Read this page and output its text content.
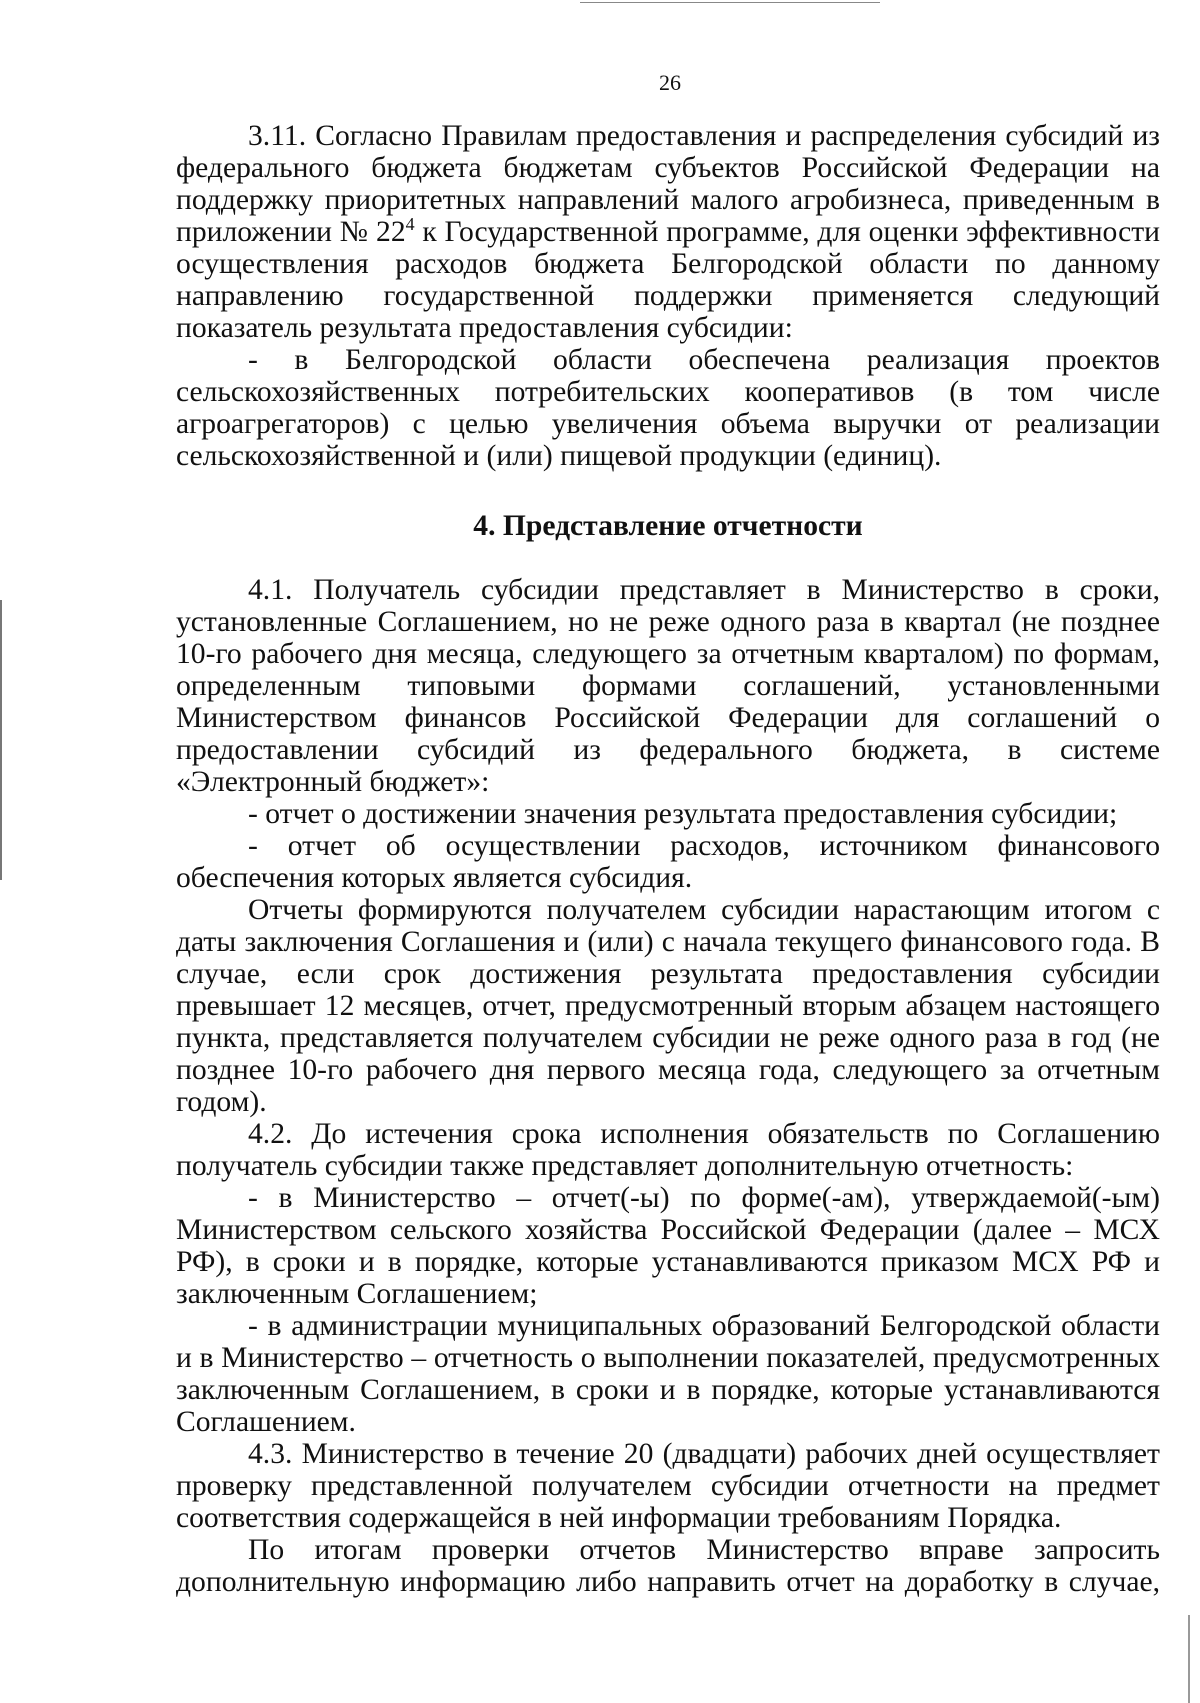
26

3.11. Согласно Правилам предоставления и распределения субсидий из федерального бюджета бюджетам субъектов Российской Федерации на поддержку приоритетных направлений малого агробизнеса, приведенным в приложении № $22^4$ к Государственной программе, для оценки эффективности осуществления расходов бюджета Белгородской области по данному направлению государственной поддержки применяется следующий показатель результата предоставления субсидии:

- в Белгородской области обеспечена реализация проектов сельскохозяйственных потребительских кооперативов (в том числе агроагрегаторов) с целью увеличения объема выручки от реализации сельскохозяйственной и (или) пищевой продукции (единиц).

4. Представление отчетности

4.1. Получатель субсидии представляет в Министерство в сроки, установленные Соглашением, но не реже одного раза в квартал (не позднее 10-го рабочего дня месяца, следующего за отчетным кварталом) по формам, определенным типовыми формами соглашений, установленными Министерством финансов Российской Федерации для соглашений о предоставлении субсидий из федерального бюджета, в системе «Электронный бюджет»:

- отчет о достижении значения результата предоставления субсидии;

- отчет об осуществлении расходов, источником финансового обеспечения которых является субсидия.

Отчеты формируются получателем субсидии нарастающим итогом с даты заключения Соглашения и (или) с начала текущего финансового года. В случае, если срок достижения результата предоставления субсидии превышает 12 месяцев, отчет, предусмотренный вторым абзацем настоящего пункта, представляется получателем субсидии не реже одного раза в год (не позднее 10-го рабочего дня первого месяца года, следующего за отчетным годом).

4.2. До истечения срока исполнения обязательств по Соглашению получатель субсидии также представляет дополнительную отчетность:

- в Министерство – отчет(-ы) по форме(-ам), утверждаемой(-ым) Министерством сельского хозяйства Российской Федерации (далее – МСХ РФ), в сроки и в порядке, которые устанавливаются приказом МСХ РФ и заключенным Соглашением;

- в администрации муниципальных образований Белгородской области и в Министерство – отчетность о выполнении показателей, предусмотренных заключенным Соглашением, в сроки и в порядке, которые устанавливаются Соглашением.

4.3. Министерство в течение 20 (двадцати) рабочих дней осуществляет проверку представленной получателем субсидии отчетности на предмет соответствия содержащейся в ней информации требованиям Порядка.

По итогам проверки отчетов Министерство вправе запросить дополнительную информацию либо направить отчет на доработку в случае,
